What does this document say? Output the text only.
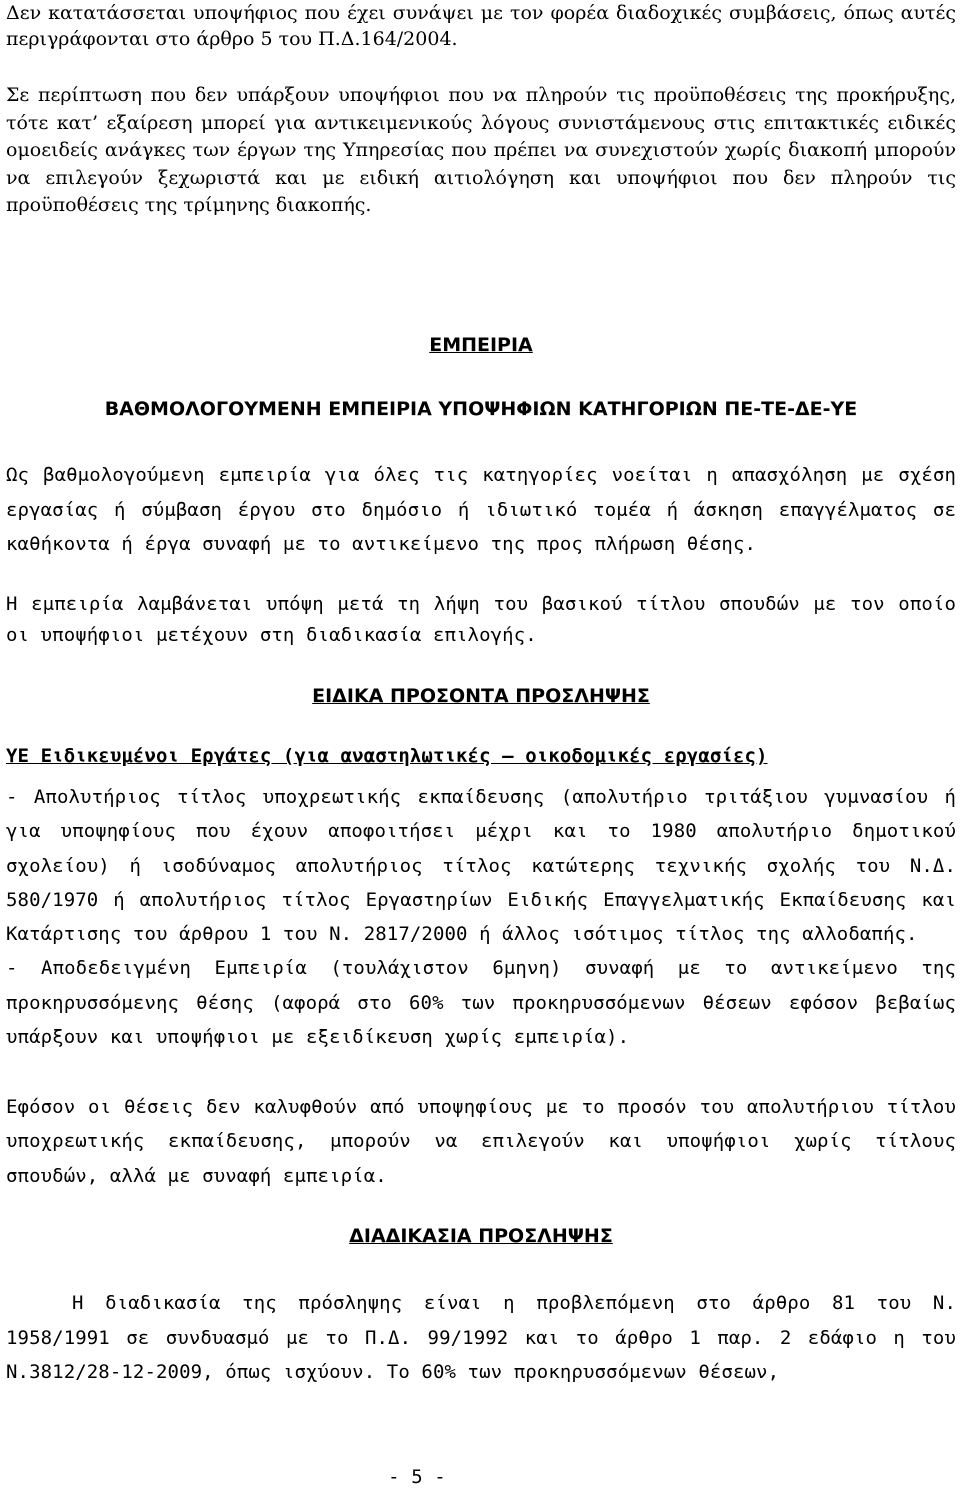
Δεν κατατάσσεται υποψήφιος που έχει συνάψει με τον φορέα διαδοχικές συμβάσεις, όπως αυτές περιγράφονται στο άρθρο 5 του Π.Δ.164/2004.

Σε περίπτωση που δεν υπάρξουν υποψήφιοι που να πληρούν τις προϋποθέσεις της προκήρυξης, τότε κατ’ εξαίρεση μπορεί για αντικειμενικούς λόγους συνιστάμενους στις επιτακτικές ειδικές ομοειδείς ανάγκες των έργων της Υπηρεσίας που πρέπει να συνεχιστούν χωρίς διακοπή μπορούν να επιλεγούν ξεχωριστά και με ειδική αιτιολόγηση και υποψήφιοι που δεν πληρούν τις προϋποθέσεις της τρίμηνης διακοπής.

ΕΜΠΕΙΡΙΑ
ΒΑΘΜΟΛΟΓΟΥΜΕΝΗ ΕΜΠΕΙΡΙΑ ΥΠΟΨΗΦΙΩΝ ΚΑΤΗΓΟΡΙΩΝ ΠΕ-ΤΕ-ΔΕ-ΥΕ

Ως βαθμολογούμενη εμπειρία για όλες τις κατηγορίες νοείται η απασχόληση με σχέση εργασίας ή σύμβαση έργου στο δημόσιο ή ιδιωτικό τομέα ή άσκηση επαγγέλματος σε καθήκοντα ή έργα συναφή με το αντικείμενο της προς πλήρωση θέσης.

Η εμπειρία λαμβάνεται υπόψη μετά τη λήψη του βασικού τίτλου σπουδών με τον οποίο οι υποψήφιοι μετέχουν στη διαδικασία επιλογής.

ΕΙΔΙΚΑ ΠΡΟΣΟΝΤΑ ΠΡΟΣΛΗΨΗΣ
ΥΕ Ειδικευμένοι Εργάτες (για αναστηλωτικές – οικοδομικές εργασίες)

- Απολυτήριος τίτλος υποχρεωτικής εκπαίδευσης (απολυτήριο τριτάξιου γυμνασίου ή για υποψηφίους που έχουν αποφοιτήσει μέχρι και το 1980 απολυτήριο δημοτικού σχολείου) ή ισοδύναμος απολυτήριος τίτλος κατώτερης τεχνικής σχολής του Ν.Δ. 580/1970 ή απολυτήριος τίτλος Εργαστηρίων Ειδικής Επαγγελματικής Εκπαίδευσης και Κατάρτισης του άρθρου 1 του Ν. 2817/2000 ή άλλος ισότιμος τίτλος της αλλοδαπής.

- Αποδεδειγμένη Εμπειρία (τουλάχιστον 6μηνη) συναφή με το αντικείμενο της προκηρυσσόμενης θέσης (αφορά στο 60% των προκηρυσσόμενων θέσεων εφόσον βεβαίως υπάρξουν και υποψήφιοι με εξειδίκευση χωρίς εμπειρία).

Εφόσον οι θέσεις δεν καλυφθούν από υποψηφίους με το προσόν του απολυτήριου τίτλου υποχρεωτικής εκπαίδευσης, μπορούν να επιλεγούν και υποψήφιοι χωρίς τίτλους σπουδών, αλλά με συναφή εμπειρία.

ΔΙΑΔΙΚΑΣΙΑ ΠΡΟΣΛΗΨΗΣ

Η διαδικασία της πρόσληψης είναι η προβλεπόμενη στο άρθρο 81 του Ν. 1958/1991 σε συνδυασμό με το Π.Δ. 99/1992 και το άρθρο 1 παρ. 2 εδάφιο η του Ν.3812/28-12-2009, όπως ισχύουν. Το 60% των προκηρυσσόμενων θέσεων,

- 5 -
